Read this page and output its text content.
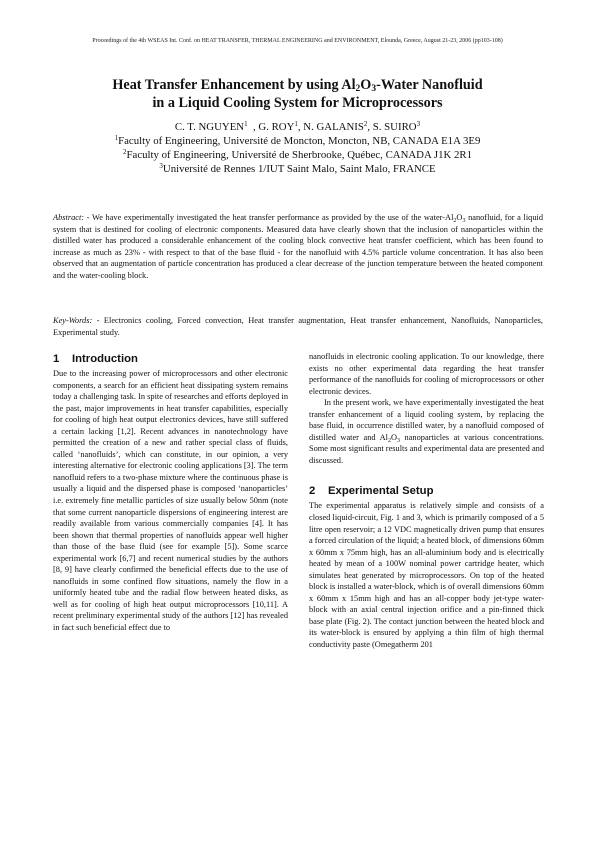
Proceedings of the 4th WSEAS Int. Conf. on HEAT TRANSFER, THERMAL ENGINEERING and ENVIRONMENT, Elounda, Greece, August 21-23, 2006 (pp103-108)
Heat Transfer Enhancement by using $Al_2O_3$-Water Nanofluid
in a Liquid Cooling System for Microprocessors
C. T. NGUYEN$^1$ , G. ROY$^1$, N. GALANIS$^2$, S. SUIRO$^3$
$^1$Faculty of Engineering, Université de Moncton, Moncton, NB, CANADA E1A 3E9
$^2$Faculty of Engineering, Université de Sherbrooke, Québec, CANADA J1K 2R1
$^3$Université de Rennes 1/IUT Saint Malo, Saint Malo, FRANCE
Abstract: - We have experimentally investigated the heat transfer performance as provided by the use of the water-$Al_2O_3$ nanofluid, for a liquid system that is destined for cooling of electronic components. Measured data have clearly shown that the inclusion of nanoparticles within the distilled water has produced a considerable enhancement of the cooling block convective heat transfer coefficient, which has been found to increase as much as 23% - with respect to that of the base fluid - for the nanofluid with 4.5% particle volume concentration. It has also been observed that an augmentation of particle concentration has produced a clear decrease of the junction temperature between the heated component and the water-cooling block.
Key-Words: - Electronics cooling, Forced convection, Heat transfer augmentation, Heat transfer enhancement, Nanofluids, Nanoparticles, Experimental study.
1 Introduction

Due to the increasing power of microprocessors and other electronic components, a search for an efficient heat dissipating system remains today a challenging task. In spite of researches and efforts deployed in the past, major improvements in heat transfer capabilities, especially for cooling of high heat output electronics devices, have still suffered a certain lacking [1,2]. Recent advances in nanotechnology have permitted the creation of a new and rather special class of fluids, called ‘nanofluids’, which can constitute, in our opinion, a very interesting alternative for electronic cooling applications [3]. The term nanofluid refers to a two-phase mixture where the continuous phase is usually a liquid and the dispersed phase is composed ‘nanoparticles’ i.e. extremely fine metallic particles of size usually below 50nm (note that some current nanoparticle dispersions of engineering interest are readily available from various commercially companies [4]. It has been shown that thermal properties of nanofluids appear well higher than those of the base fluid (see for example [5]). Some scarce experimental work [6,7] and recent numerical studies by the authors [8, 9] have clearly confirmed the beneficial effects due to the use of nanofluids in some confined flow situations, namely the flow in a uniformly heated tube and the radial flow between heated disks, as well as for cooling of high heat output microprocessors [10,11]. A recent preliminary experimental study of the authors [12] has revealed in fact such beneficial effect due to

nanofluids in electronic cooling application. To our knowledge, there exists no other experimental data regarding the heat transfer performance of the nanofluids for cooling of microprocessors or other electronic devices.

In the present work, we have experimentally investigated the heat transfer enhancement of a liquid cooling system, by replacing the base fluid, in occurrence distilled water, by a nanofluid composed of distilled water and $Al_2O_3$ nanoparticles at various concentrations. Some most significant results and experimental data are presented and discussed.

2 Experimental Setup

The experimental apparatus is relatively simple and consists of a closed liquid-circuit, Fig. 1 and 3, which is primarily composed of a 5 litre open reservoir; a 12 VDC magnetically driven pump that ensures a forced circulation of the liquid; a heated block, of dimensions 60mm x 60mm x 75mm high, has an all-aluminium body and is electrically heated by mean of a 100W nominal power cartridge heater, which simulates heat generated by microprocessors. On top of the heated block is installed a water-block, which is of overall dimensions 60mm x 60mm x 15mm high and has an all-copper body jet-type water-block with an axial central injection orifice and a pin-finned thick base plate (Fig. 2). The contact junction between the heated block and its water-block is ensured by applying a thin film of high thermal conductivity paste (Omegatherm 201
